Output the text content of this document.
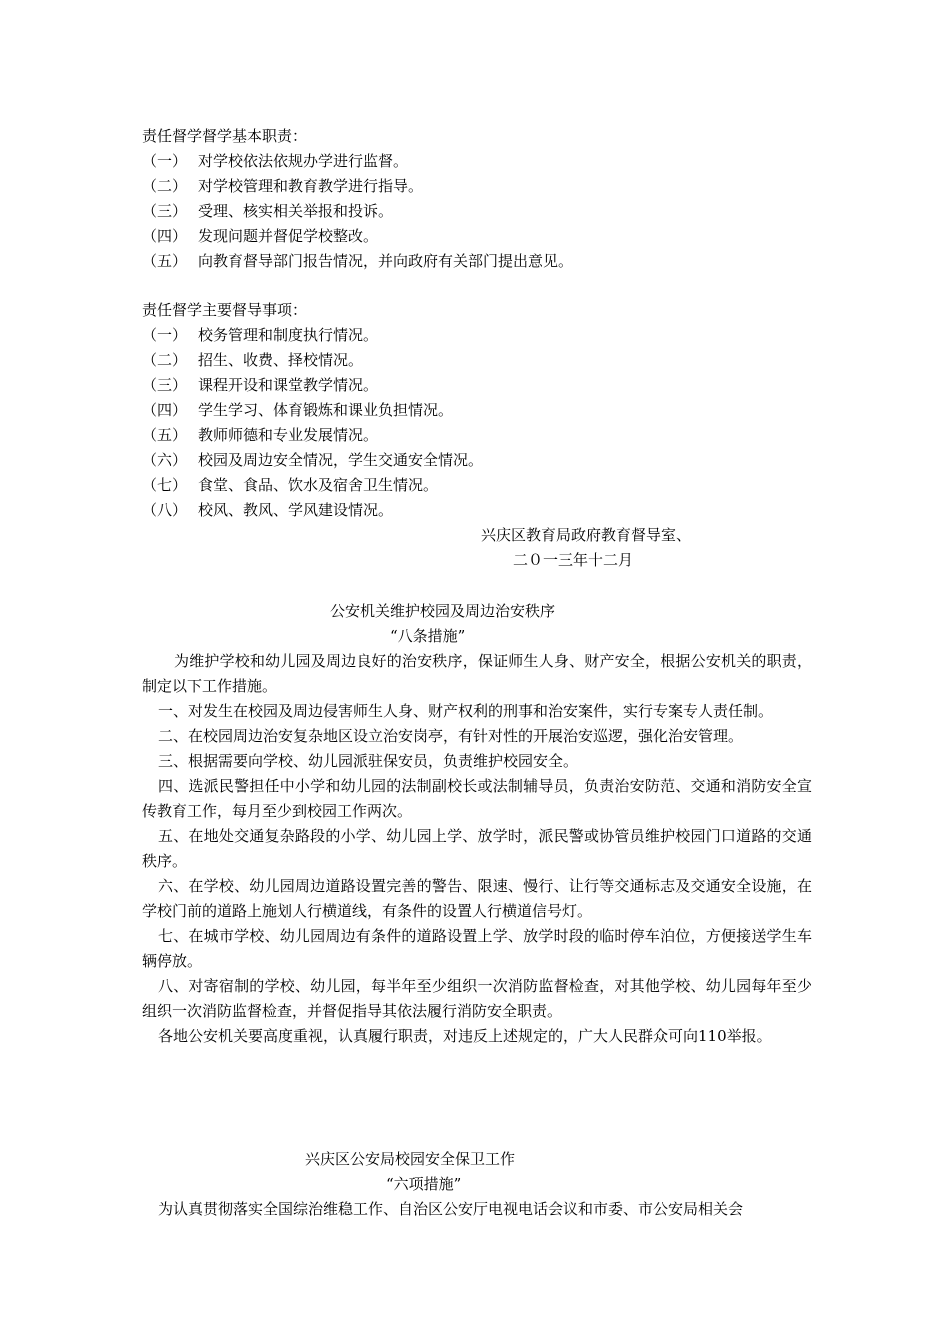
责任督学督学基本职责：
（一） 对学校依法依规办学进行监督。
（二） 对学校管理和教育教学进行指导。
（三） 受理、核实相关举报和投诉。
（四） 发现问题并督促学校整改。
（五） 向教育督导部门报告情况，并向政府有关部门提出意见。
责任督学主要督导事项：
（一） 校务管理和制度执行情况。
（二） 招生、收费、择校情况。
（三） 课程开设和课堂教学情况。
（四） 学生学习、体育锻炼和课业负担情况。
（五） 教师师德和专业发展情况。
（六） 校园及周边安全情况，学生交通安全情况。
（七） 食堂、食品、饮水及宿舍卫生情况。
（八） 校风、教风、学风建设情况。
兴庆区教育局政府教育督导室、
二０一三年十二月
公安机关维护校园及周边治安秩序
“八条措施”

为维护学校和幼儿园及周边良好的治安秩序，保证师生人身、财产安全，根据公安机关的职责，制定以下工作措施。

一、对发生在校园及周边侵害师生人身、财产权利的刑事和治安案件，实行专案专人责任制。

二、在校园周边治安复杂地区设立治安岗亭，有针对性的开展治安巡逻，强化治安管理。

三、根据需要向学校、幼儿园派驻保安员，负责维护校园安全。

四、选派民警担任中小学和幼儿园的法制副校长或法制辅导员，负责治安防范、交通和消防安全宣传教育工作，每月至少到校园工作两次。

五、在地处交通复杂路段的小学、幼儿园上学、放学时，派民警或协管员维护校园门口道路的交通秩序。

六、在学校、幼儿园周边道路设置完善的警告、限速、慢行、让行等交通标志及交通安全设施，在学校门前的道路上施划人行横道线，有条件的设置人行横道信号灯。

七、在城市学校、幼儿园周边有条件的道路设置上学、放学时段的临时停车泊位，方便接送学生车辆停放。

八、对寄宿制的学校、幼儿园，每半年至少组织一次消防监督检查，对其他学校、幼儿园每年至少组织一次消防监督检查，并督促指导其依法履行消防安全职责。

各地公安机关要高度重视，认真履行职责，对违反上述规定的，广大人民群众可向110举报。

兴庆区公安局校园安全保卫工作
“六项措施”
为认真贯彻落实全国综治维稳工作、自治区公安厅电视电话会议和市委、市公安局相关会
